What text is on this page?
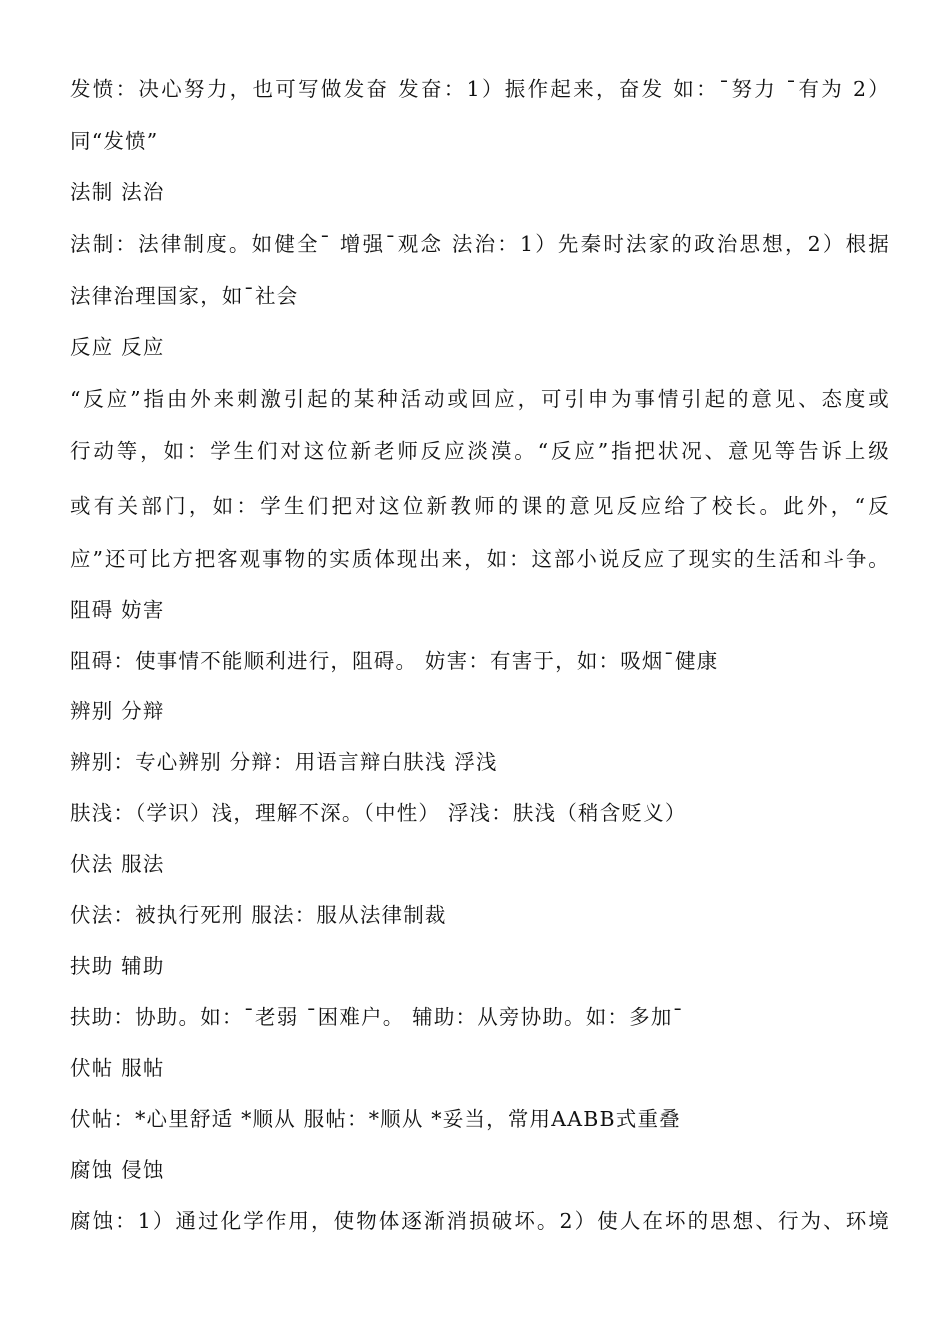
发愤：决心努力，也可写做发奋 发奋：1）振作起来，奋发 如：¯努力 ¯有为 2）
同“发愤”
法制 法治
法制：法律制度。如健全¯ 增强¯观念 法治：1）先秦时法家的政治思想，2）根据
法律治理国家，如¯社会
反应 反应
“反应”指由外来刺激引起的某种活动或回应，可引申为事情引起的意见、态度或
行动等，如：学生们对这位新老师反应淡漠。“反应”指把状况、意见等告诉上级
或有关部门，如：学生们把对这位新教师的课的意见反应给了校长。此外，“反
应”还可比方把客观事物的实质体现出来，如：这部小说反应了现实的生活和斗争。
阻碍 妨害
阻碍：使事情不能顺利进行，阻碍。 妨害：有害于，如：吸烟¯健康
辨别 分辩
辨别：专心辨别 分辩：用语言辩白肤浅 浮浅
肤浅：（学识）浅，理解不深。（中性） 浮浅：肤浅（稍含贬义）
伏法 服法
伏法：被执行死刑 服法：服从法律制裁
扶助 辅助
扶助：协助。如：¯老弱 ¯困难户。 辅助：从旁协助。如：多加¯
伏帖 服帖
伏帖：*心里舒适 *顺从 服帖：*顺从 *妥当，常用AABB式重叠
腐蚀 侵蚀
腐蚀：1）通过化学作用，使物体逐渐消损破坏。2）使人在坏的思想、行为、环境
